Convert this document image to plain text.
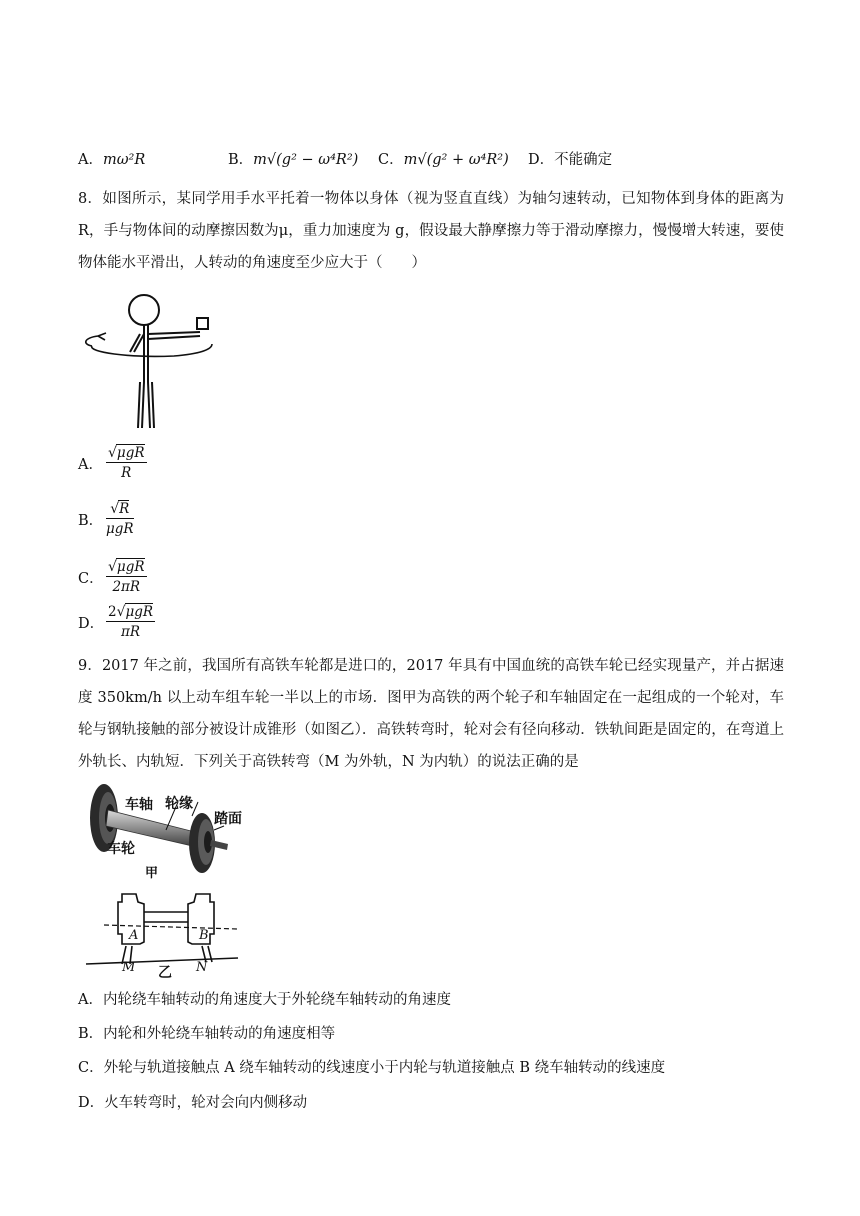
A．mω²R	B．m√(g² − ω⁴R²) C．m√(g² + ω⁴R²) D．不能确定
8．如图所示，某同学用手水平托着一物体以身体（视为竖直直线）为轴匀速转动，已知物体到身体的距离为 R，手与物体间的动摩擦因数为μ，重力加速度为 g，假设最大静摩擦力等于滑动摩擦力，慢慢增大转速，要使物体能水平滑出，人转动的角速度至少应大于（　　）
A．
√μgR
R
B．
√R
μgR
C．
√μgR
2πR
D．
2√μgR
πR
9．2017 年之前，我国所有高铁车轮都是进口的，2017 年具有中国血统的高铁车轮已经实现量产，并占据速度 350km/h 以上动车组车轮一半以上的市场．图甲为高铁的两个轮子和车轴固定在一起组成的一个轮对，车轮与钢轨接触的部分被设计成锥形（如图乙）．高铁转弯时，轮对会有径向移动．铁轨间距是固定的，在弯道上外轨长、内轨短．下列关于高铁转弯（M 为外轨，N 为内轨）的说法正确的是
车轴 轮缘
踏面
车轮
甲
A	B
M	N
乙
A．内轮绕车轴转动的角速度大于外轮绕车轴转动的角速度
B．内轮和外轮绕车轴转动的角速度相等
C．外轮与轨道接触点 A 绕车轴转动的线速度小于内轮与轨道接触点 B 绕车轴转动的线速度
D．火车转弯时，轮对会向内侧移动
